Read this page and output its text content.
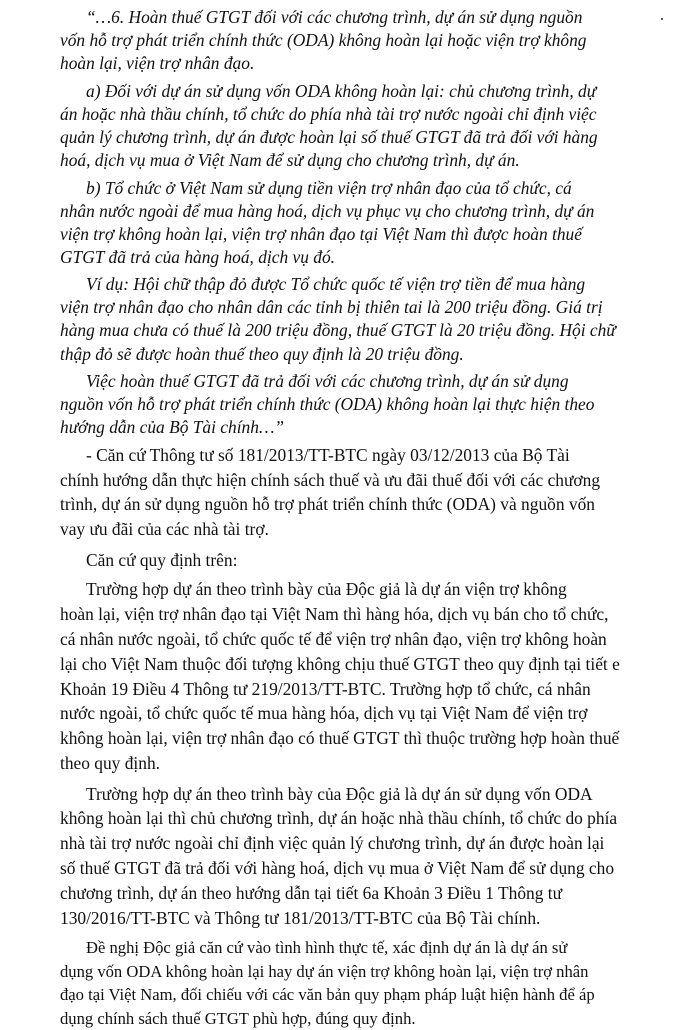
“…6. Hoàn thuế GTGT đối với các chương trình, dự án sử dụng nguồn
vốn hỗ trợ phát triển chính thức (ODA) không hoàn lại hoặc viện trợ không
hoàn lại, viện trợ nhân đạo.
a) Đối với dự án sử dụng vốn ODA không hoàn lại: chủ chương trình, dự
án hoặc nhà thầu chính, tổ chức do phía nhà tài trợ nước ngoài chỉ định việc
quản lý chương trình, dự án được hoàn lại số thuế GTGT đã trả đối với hàng
hoá, dịch vụ mua ở Việt Nam để sử dụng cho chương trình, dự án.
b) Tổ chức ở Việt Nam sử dụng tiền viện trợ nhân đạo của tổ chức, cá
nhân nước ngoài để mua hàng hoá, dịch vụ phục vụ cho chương trình, dự án
viện trợ không hoàn lại, viện trợ nhân đạo tại Việt Nam thì được hoàn thuế
GTGT đã trả của hàng hoá, dịch vụ đó.
Ví dụ: Hội chữ thập đỏ được Tổ chức quốc tế viện trợ tiền để mua hàng
viện trợ nhân đạo cho nhân dân các tỉnh bị thiên tai là 200 triệu đồng. Giá trị
hàng mua chưa có thuế là 200 triệu đồng, thuế GTGT là 20 triệu đồng. Hội chữ
thập đỏ sẽ được hoàn thuế theo quy định là 20 triệu đồng.
Việc hoàn thuế GTGT đã trả đối với các chương trình, dự án sử dụng
nguồn vốn hỗ trợ phát triển chính thức (ODA) không hoàn lại thực hiện theo
hướng dẫn của Bộ Tài chính…”
- Căn cứ Thông tư số 181/2013/TT-BTC ngày 03/12/2013 của Bộ Tài
chính hướng dẫn thực hiện chính sách thuế và ưu đãi thuế đối với các chương
trình, dự án sử dụng nguồn hỗ trợ phát triển chính thức (ODA) và nguồn vốn
vay ưu đãi của các nhà tài trợ.
Căn cứ quy định trên:
Trường hợp dự án theo trình bày của Độc giả là dự án viện trợ không
hoàn lại, viện trợ nhân đạo tại Việt Nam thì hàng hóa, dịch vụ bán cho tổ chức,
cá nhân nước ngoài, tổ chức quốc tế để viện trợ nhân đạo, viện trợ không hoàn
lại cho Việt Nam thuộc đối tượng không chịu thuế GTGT theo quy định tại tiết e
Khoản 19 Điều 4 Thông tư 219/2013/TT-BTC. Trường hợp tổ chức, cá nhân
nước ngoài, tổ chức quốc tế mua hàng hóa, dịch vụ tại Việt Nam để viện trợ
không hoàn lại, viện trợ nhân đạo có thuế GTGT thì thuộc trường hợp hoàn thuế
theo quy định.
Trường hợp dự án theo trình bày của Độc giả là dự án sử dụng vốn ODA
không hoàn lại thì chủ chương trình, dự án hoặc nhà thầu chính, tổ chức do phía
nhà tài trợ nước ngoài chỉ định việc quản lý chương trình, dự án được hoàn lại
số thuế GTGT đã trả đối với hàng hoá, dịch vụ mua ở Việt Nam để sử dụng cho
chương trình, dự án theo hướng dẫn tại tiết 6a Khoản 3 Điều 1 Thông tư
130/2016/TT-BTC và Thông tư 181/2013/TT-BTC của Bộ Tài chính.
Đề nghị Độc giả căn cứ vào tình hình thực tế, xác định dự án là dự án sử
dụng vốn ODA không hoàn lại hay dự án viện trợ không hoàn lại, viện trợ nhân
đạo tại Việt Nam, đối chiếu với các văn bản quy phạm pháp luật hiện hành để áp
dụng chính sách thuế GTGT phù hợp, đúng quy định.
